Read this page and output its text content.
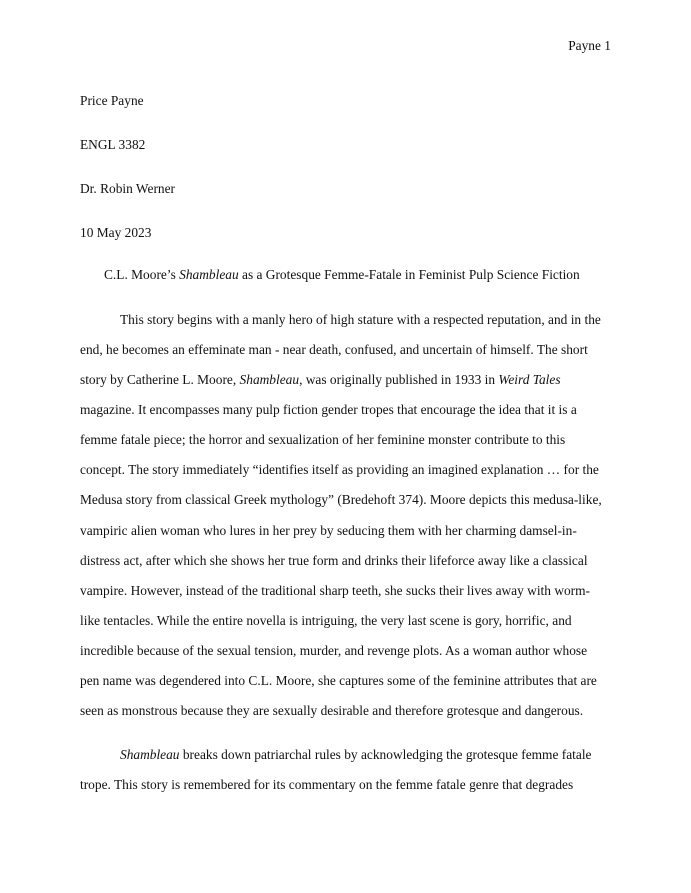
Payne 1
Price Payne
ENGL 3382
Dr. Robin Werner
10 May 2023
C.L. Moore’s Shambleau as a Grotesque Femme-Fatale in Feminist Pulp Science Fiction
This story begins with a manly hero of high stature with a respected reputation, and in the
end, he becomes an effeminate man - near death, confused, and uncertain of himself. The short
story by Catherine L. Moore, Shambleau, was originally published in 1933 in Weird Tales
magazine. It encompasses many pulp fiction gender tropes that encourage the idea that it is a
femme fatale piece; the horror and sexualization of her feminine monster contribute to this
concept. The story immediately “identifies itself as providing an imagined explanation … for the
Medusa story from classical Greek mythology” (Bredehoft 374). Moore depicts this medusa-like,
vampiric alien woman who lures in her prey by seducing them with her charming damsel-in-
distress act, after which she shows her true form and drinks their lifeforce away like a classical
vampire. However, instead of the traditional sharp teeth, she sucks their lives away with worm-
like tentacles. While the entire novella is intriguing, the very last scene is gory, horrific, and
incredible because of the sexual tension, murder, and revenge plots. As a woman author whose
pen name was degendered into C.L. Moore, she captures some of the feminine attributes that are
seen as monstrous because they are sexually desirable and therefore grotesque and dangerous.
Shambleau breaks down patriarchal rules by acknowledging the grotesque femme fatale
trope. This story is remembered for its commentary on the femme fatale genre that degrades
